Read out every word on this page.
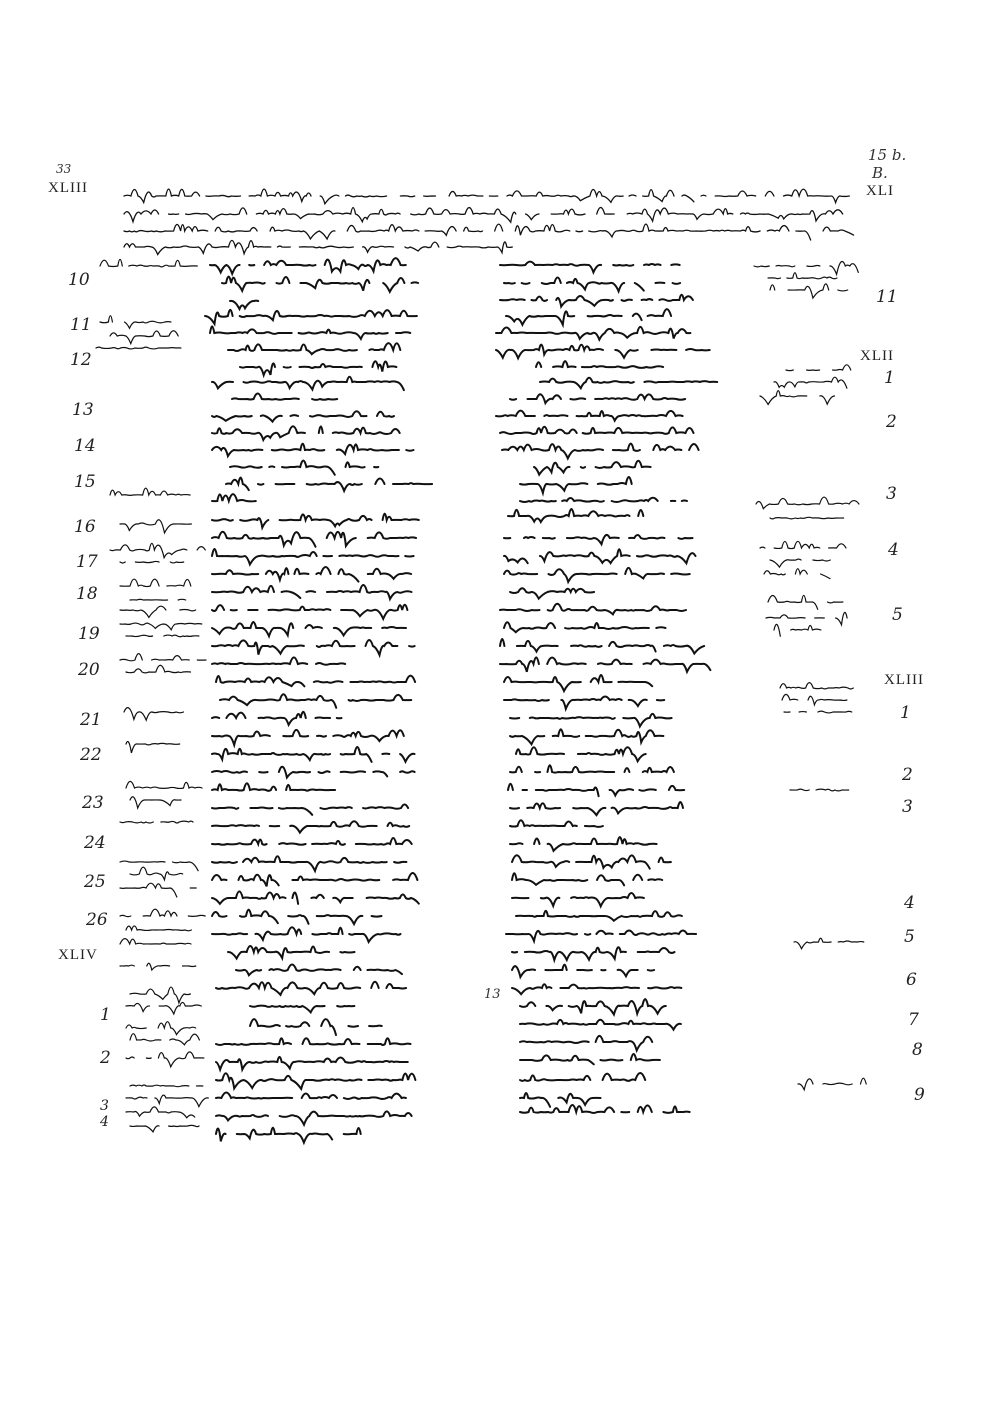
15 b.
B.
33
XLIII	XLI
10
11
12
13
14
15
16
17
18
19
20
21
22
23
24
25
26
XLIV
1
2
3
4
13
11
XLII
1
2
3
4
5
XLIII
1
2
3
4
5
6
7
8
9
